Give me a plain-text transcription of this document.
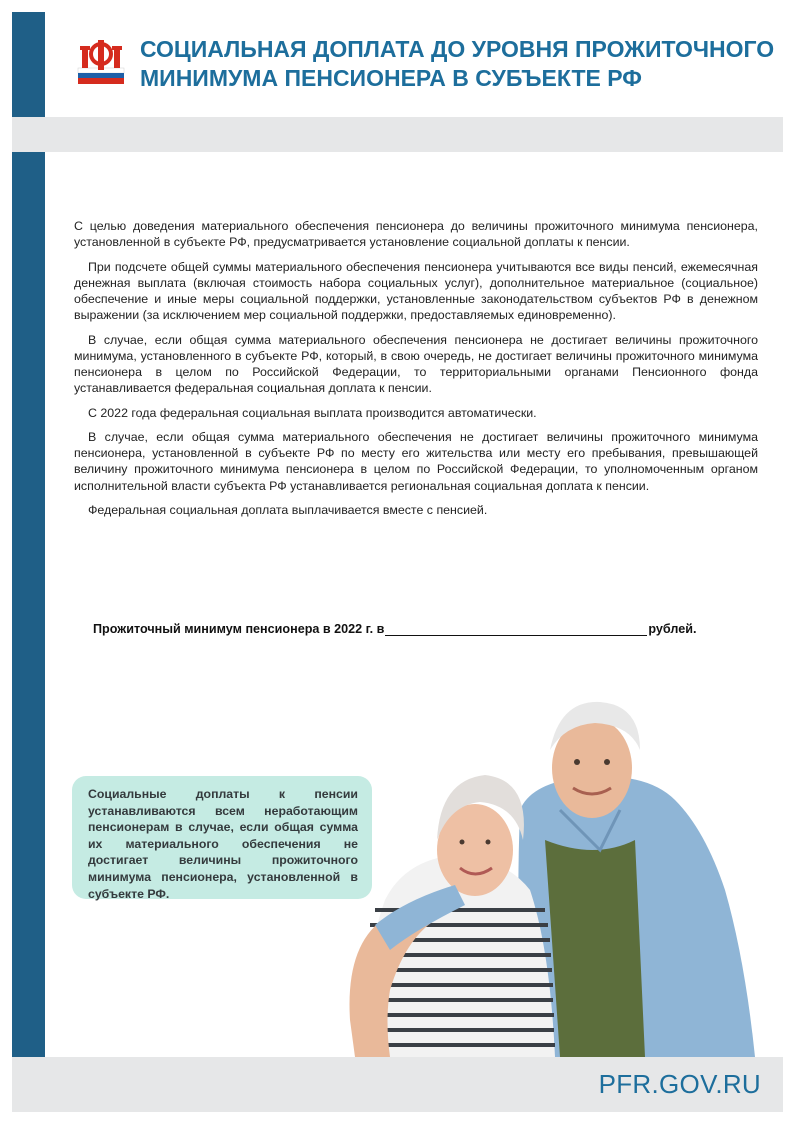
СОЦИАЛЬНАЯ ДОПЛАТА ДО УРОВНЯ ПРОЖИТОЧНОГО
МИНИМУМА ПЕНСИОНЕРА В СУБЪЕКТЕ РФ

С целью доведения материального обеспечения пенсионера до величины прожиточного минимума пенсионера, установленной в субъекте РФ, предусматривается установление социальной доплаты к пенсии.

При подсчете общей суммы материального обеспечения пенсионера учитываются все виды пенсий, ежемесячная денежная выплата (включая стоимость набора социальных услуг), дополнительное материальное (социальное) обеспечение и иные меры социальной поддержки, установленные законодательством субъектов РФ в денежном выражении (за исключением мер социальной поддержки, предоставляемых единовременно).

В случае, если общая сумма материального обеспечения пенсионера не достигает величины прожиточного минимума, установленного в субъекте РФ, который, в свою очередь, не достигает величины прожиточного минимума пенсионера в целом по Российской Федерации, то территориальными органами Пенсионного фонда устанавливается федеральная социальная доплата к пенсии.

С 2022 года федеральная социальная выплата производится автоматически.

В случае, если общая сумма материального обеспечения не достигает величины прожиточного минимума пенсионера, установленной в субъекте РФ по месту его жительства или месту его пребывания, превышающей величину прожиточного минимума пенсионера в целом по Российской Федерации, то уполномоченным органом исполнительной власти субъекта РФ устанавливается региональная социальная доплата к пенсии.

Федеральная социальная доплата выплачивается вместе с пенсией.

Прожиточный минимум пенсионера в 2022 г. в	рублей.
Социальные доплаты к пенсии устанавливаются всем неработающим пенсионерам в случае, если общая сумма их материального обеспечения не достигает величины прожиточного минимума пенсионера, установленной в субъекте РФ.
PFR.GOV.RU
